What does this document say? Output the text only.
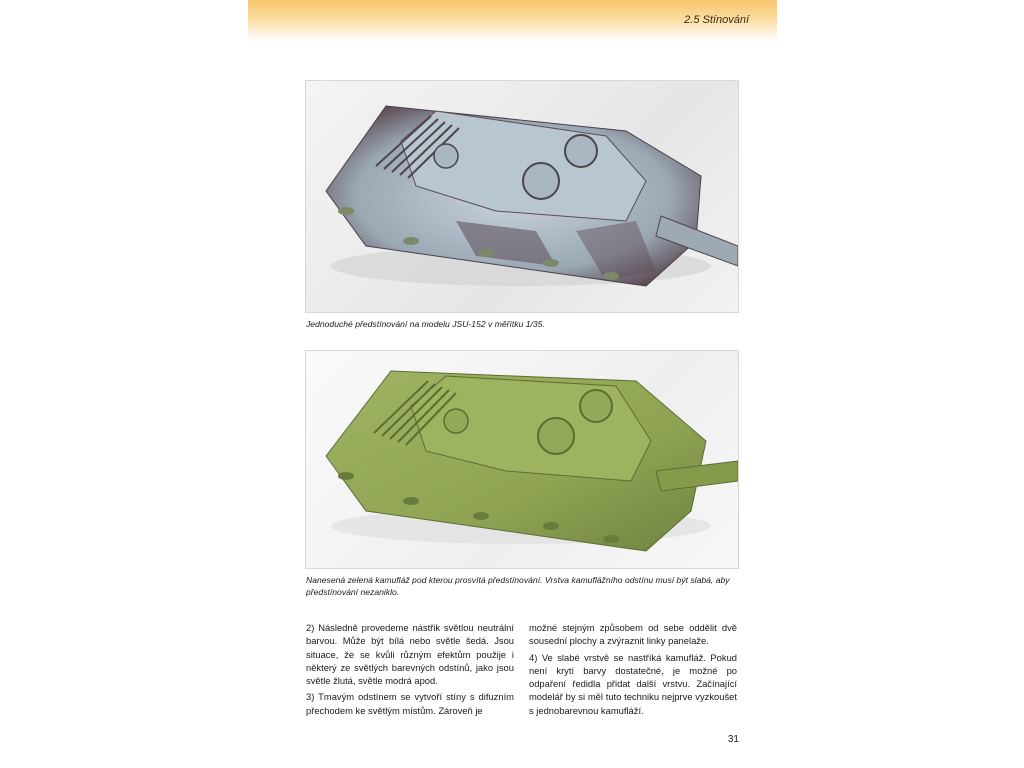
2.5 Stínování
Jednoduché předstínování na modelu JSU-152 v měřítku 1/35.
Nanesená zelená kamufláž pod kterou prosvítá předstínování. Vrstva kamuflážního odstínu musí být slabá, aby předstínování nezaniklo.

2) Následně provedeme nástřik světlou neutrální barvou. Může být bílá nebo světle šedá. Jsou situace, že se kvůli různým efektům použije i některý ze světlých barevných odstínů, jako jsou světle žlutá, světle modrá apod.

3) Tmavým odstínem se vytvoří stíny s difuzním přechodem ke světlým místům. Zároveň je

možné stejným způsobem od sebe oddělit dvě sousední plochy a zvýraznit linky panelaže.

4) Ve slabé vrstvě se nastříká kamufláž. Pokud není krytí barvy dostatečné, je možné po odpaření ředidla přidat další vrstvu. Začínající modelář by si měl tuto techniku nejprve vyzkoušet s jednobarevnou kamufláží.

31
